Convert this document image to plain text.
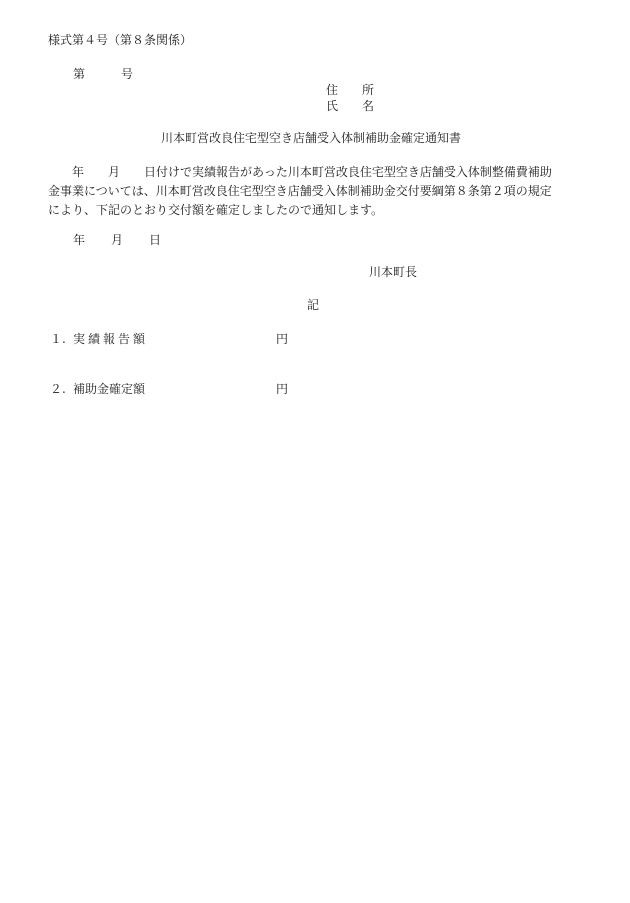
様式第４号（第８条関係）
第	号
住　　所
氏　　名
川本町営改良住宅型空き店舗受入体制補助金確定通知書
年　　月　　日付けで実績報告があった川本町営改良住宅型空き店舗受入体制整備費補助
金事業については、川本町営改良住宅型空き店舗受入体制補助金交付要綱第８条第２項の規定
により、下記のとおり交付額を確定しましたので通知します。
年 月 日
川本町長
記
１. 実績報告額	円
２. 補助金確定額	円
